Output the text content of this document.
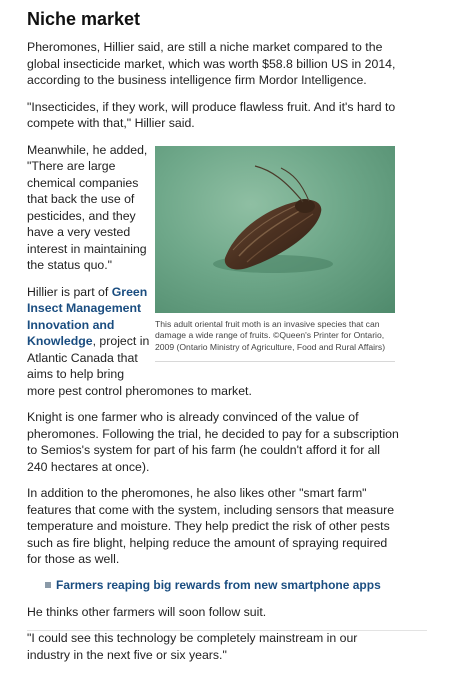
Niche market

Pheromones, Hillier said, are still a niche market compared to the global insecticide market, which was worth $58.8 billion US in 2014, according to the business intelligence firm Mordor Intelligence.

"Insecticides, if they work, will produce flawless fruit. And it's hard to compete with that," Hillier said.

Meanwhile, he added, "There are large chemical companies that back the use of pesticides, and they have a very vested interest in maintaining the status quo."

Hillier is part of Green Insect Management Innovation and Knowledge, project in Atlantic Canada that aims to help bring

This adult oriental fruit moth is an invasive species that can damage a wide range of fruits. ©Queen's Printer for Ontario, 2009 (Ontario Ministry of Agriculture, Food and Rural Affairs)

more pest control pheromones to market.

Knight is one farmer who is already convinced of the value of pheromones. Following the trial, he decided to pay for a subscription to Semios's system for part of his farm (he couldn't afford it for all 240 hectares at once).

In addition to the pheromones, he also likes other "smart farm" features that come with the system, including sensors that measure temperature and moisture. They help predict the risk of other pests such as fire blight, helping reduce the amount of spraying required for those as well.

Farmers reaping big rewards from new smartphone apps

He thinks other farmers will soon follow suit.

"I could see this technology be completely mainstream in our industry in the next five or six years."
